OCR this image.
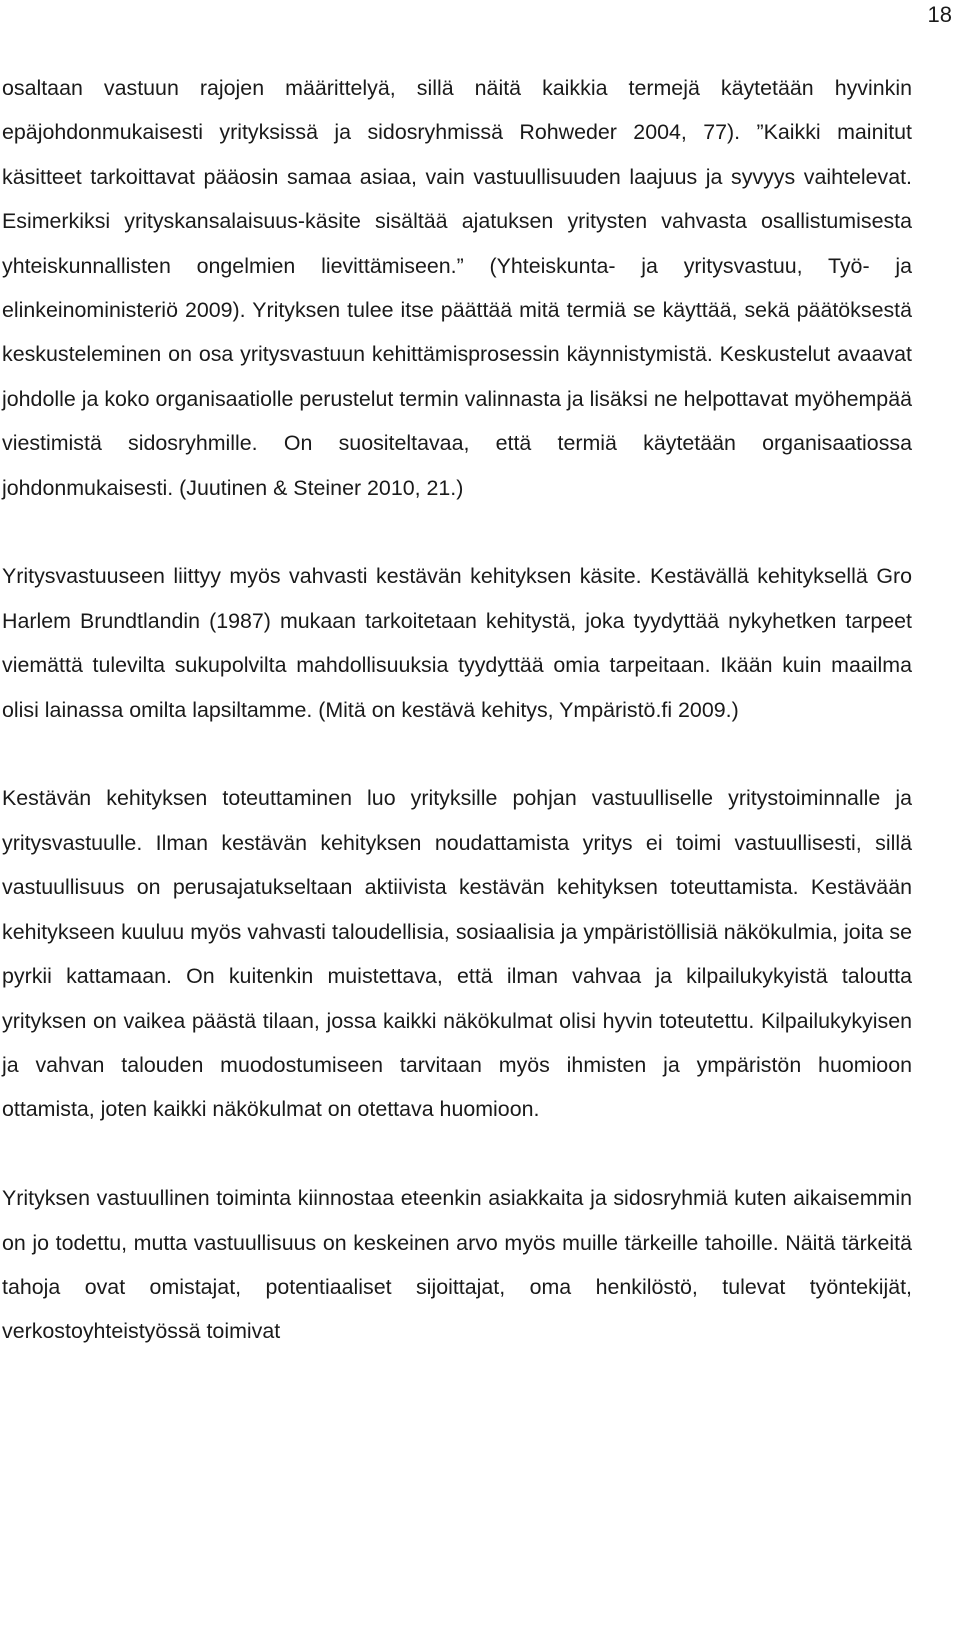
18

osaltaan vastuun rajojen määrittelyä, sillä näitä kaikkia termejä käytetään hyvinkin epäjohdonmukaisesti yrityksissä ja sidosryhmissä Rohweder 2004, 77). ”Kaikki mainitut käsitteet tarkoittavat pääosin samaa asiaa, vain vastuullisuuden laajuus ja syvyys vaihtelevat. Esimerkiksi yrityskansalaisuus-käsite sisältää ajatuksen yritysten vahvasta osallistumisesta yhteiskunnallisten ongelmien lievittämiseen.” (Yhteiskunta- ja yritysvastuu, Työ- ja elinkeinoministeriö 2009). Yrityksen tulee itse päättää mitä termiä se käyttää, sekä päätöksestä keskusteleminen on osa yritysvastuun kehittämisprosessin käynnistymistä. Keskustelut avaavat johdolle ja koko organisaatiolle perustelut termin valinnasta ja lisäksi ne helpottavat myöhempää viestimistä sidosryhmille. On suositeltavaa, että termiä käytetään organisaatiossa johdonmukaisesti. (Juutinen & Steiner 2010, 21.)

Yritysvastuuseen liittyy myös vahvasti kestävän kehityksen käsite. Kestävällä kehityksellä Gro Harlem Brundtlandin (1987) mukaan tarkoitetaan kehitystä, joka tyydyttää nykyhetken tarpeet viemättä tulevilta sukupolvilta mahdollisuuksia tyydyttää omia tarpeitaan. Ikään kuin maailma olisi lainassa omilta lapsiltamme. (Mitä on kestävä kehitys, Ympäristö.fi 2009.)

Kestävän kehityksen toteuttaminen luo yrityksille pohjan vastuulliselle yritystoiminnalle ja yritysvastuulle. Ilman kestävän kehityksen noudattamista yritys ei toimi vastuullisesti, sillä vastuullisuus on perusajatukseltaan aktiivista kestävän kehityksen toteuttamista. Kestävään kehitykseen kuuluu myös vahvasti taloudellisia, sosiaalisia ja ympäristöllisiä näkökulmia, joita se pyrkii kattamaan. On kuitenkin muistettava, että ilman vahvaa ja kilpailukykyistä taloutta yrityksen on vaikea päästä tilaan, jossa kaikki näkökulmat olisi hyvin toteutettu. Kilpailukykyisen ja vahvan talouden muodostumiseen tarvitaan myös ihmisten ja ympäristön huomioon ottamista, joten kaikki näkökulmat on otettava huomioon.

Yrityksen vastuullinen toiminta kiinnostaa eteenkin asiakkaita ja sidosryhmiä kuten aikaisemmin on jo todettu, mutta vastuullisuus on keskeinen arvo myös muille tärkeille tahoille. Näitä tärkeitä tahoja ovat omistajat, potentiaaliset sijoittajat, oma henkilöstö, tulevat työntekijät, verkostoyhteistyössä toimivat
